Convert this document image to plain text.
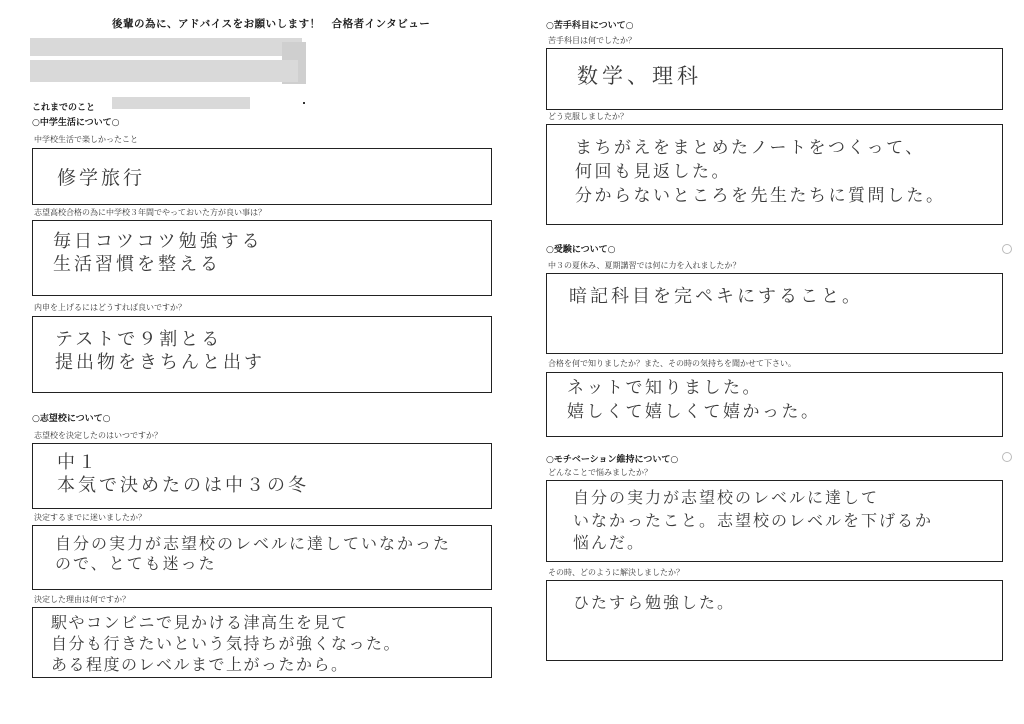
後輩の為に、アドバイスをお願いします！　合格者インタビュー
これまでのこと
○中学生活について○
中学校生活で楽しかったこと
修学旅行
志望高校合格の為に中学校３年間でやっておいた方が良い事は？
毎日コツコツ勉強する
生活習慣を整える
内申を上げるにはどうすれば良いですか？
テストで９割とる
提出物をきちんと出す
○志望校について○
志望校を決定したのはいつですか？
中１
本気で決めたのは中３の冬
決定するまでに迷いましたか？
自分の実力が志望校のレベルに達していなかった
ので、とても迷った
決定した理由は何ですか？
駅やコンビニで見かける津高生を見て
自分も行きたいという気持ちが強くなった。
ある程度のレベルまで上がったから。
○苦手科目について○
苦手科目は何でしたか？
数学、理科
どう克服しましたか？
まちがえをまとめたノートをつくって、
何回も見返した。
分からないところを先生たちに質問した。
○受験について○
中３の夏休み、夏期講習では何に力を入れましたか？
暗記科目を完ペキにすること。
合格を何で知りましたか？また、その時の気持ちを聞かせて下さい。
ネットで知りました。
嬉しくて嬉しくて嬉かった。
○モチベーション維持について○
どんなことで悩みましたか？
自分の実力が志望校のレベルに達して
いなかったこと。志望校のレベルを下げるか
悩んだ。
その時、どのように解決しましたか？
ひたすら勉強した。
